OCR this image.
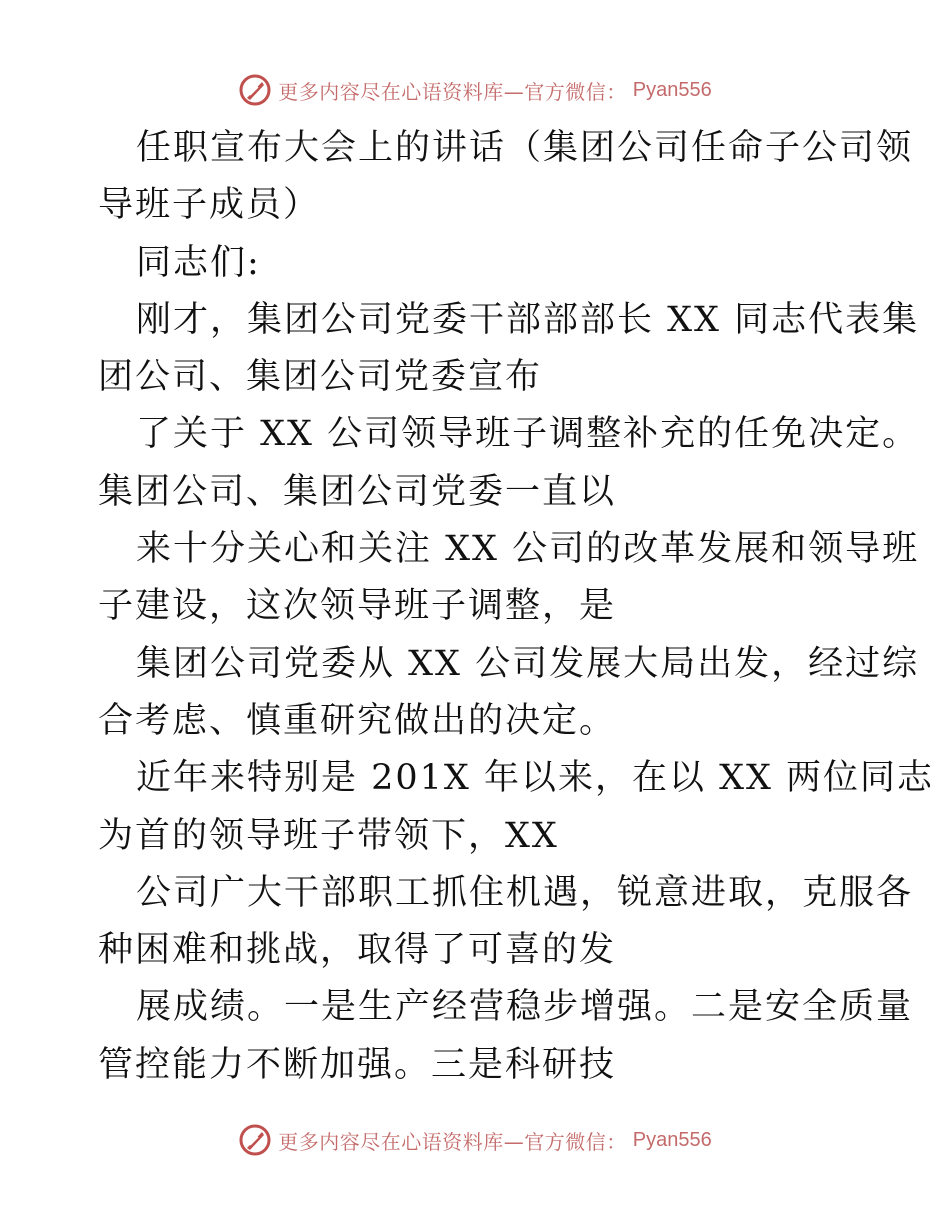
更多内容尽在心语资料库—官方微信： Pyan556
任职宣布大会上的讲话（集团公司任命子公司领
导班子成员）
同志们:
刚才，集团公司党委干部部部长 XX 同志代表集
团公司、集团公司党委宣布
了关于 XX 公司领导班子调整补充的任免决定。
集团公司、集团公司党委一直以
来十分关心和关注 XX 公司的改革发展和领导班
子建设，这次领导班子调整，是
集团公司党委从 XX 公司发展大局出发，经过综
合考虑、慎重研究做出的决定。
近年来特别是 201X 年以来，在以 XX 两位同志
为首的领导班子带领下，XX
公司广大干部职工抓住机遇，锐意进取，克服各
种困难和挑战，取得了可喜的发
展成绩。一是生产经营稳步增强。二是安全质量
管控能力不断加强。三是科研技
更多内容尽在心语资料库—官方微信： Pyan556
